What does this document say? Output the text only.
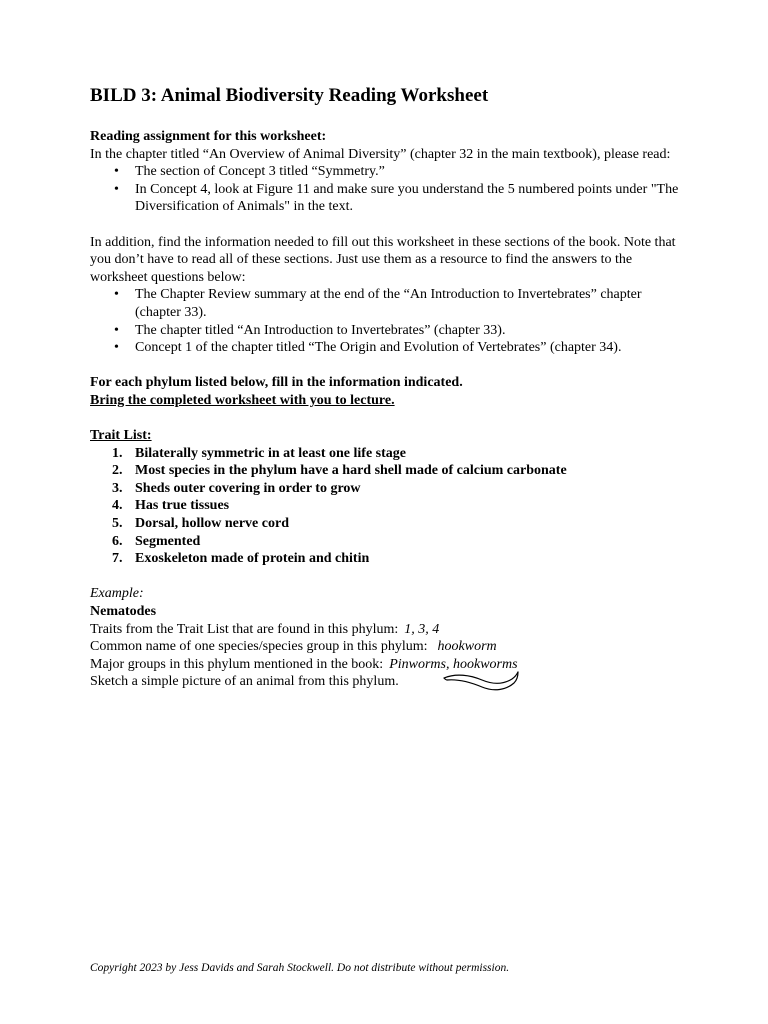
BILD 3: Animal Biodiversity Reading Worksheet

Reading assignment for this worksheet:

In the chapter titled “An Overview of Animal Diversity” (chapter 32 in the main textbook), please read:

• The section of Concept 3 titled “Symmetry.”
• In Concept 4, look at Figure 11 and make sure you understand the 5 numbered points under "The Diversification of Animals" in the text.

In addition, find the information needed to fill out this worksheet in these sections of the book. Note that you don’t have to read all of these sections. Just use them as a resource to find the answers to the worksheet questions below:

• The Chapter Review summary at the end of the “An Introduction to Invertebrates” chapter (chapter 33).
• The chapter titled “An Introduction to Invertebrates” (chapter 33).
• Concept 1 of the chapter titled “The Origin and Evolution of Vertebrates” (chapter 34).

For each phylum listed below, fill in the information indicated.

Bring the completed worksheet with you to lecture.

Trait List:

1. Bilaterally symmetric in at least one life stage
2. Most species in the phylum have a hard shell made of calcium carbonate
3. Sheds outer covering in order to grow
4. Has true tissues
5. Dorsal, hollow nerve cord
6. Segmented
7. Exoskeleton made of protein and chitin

Example:

Nematodes

Traits from the Trait List that are found in this phylum: 1, 3, 4

Common name of one species/species group in this phylum: hookworm

Major groups in this phylum mentioned in the book: Pinworms, hookworms

Sketch a simple picture of an animal from this phylum.

Copyright 2023 by Jess Davids and Sarah Stockwell. Do not distribute without permission.
